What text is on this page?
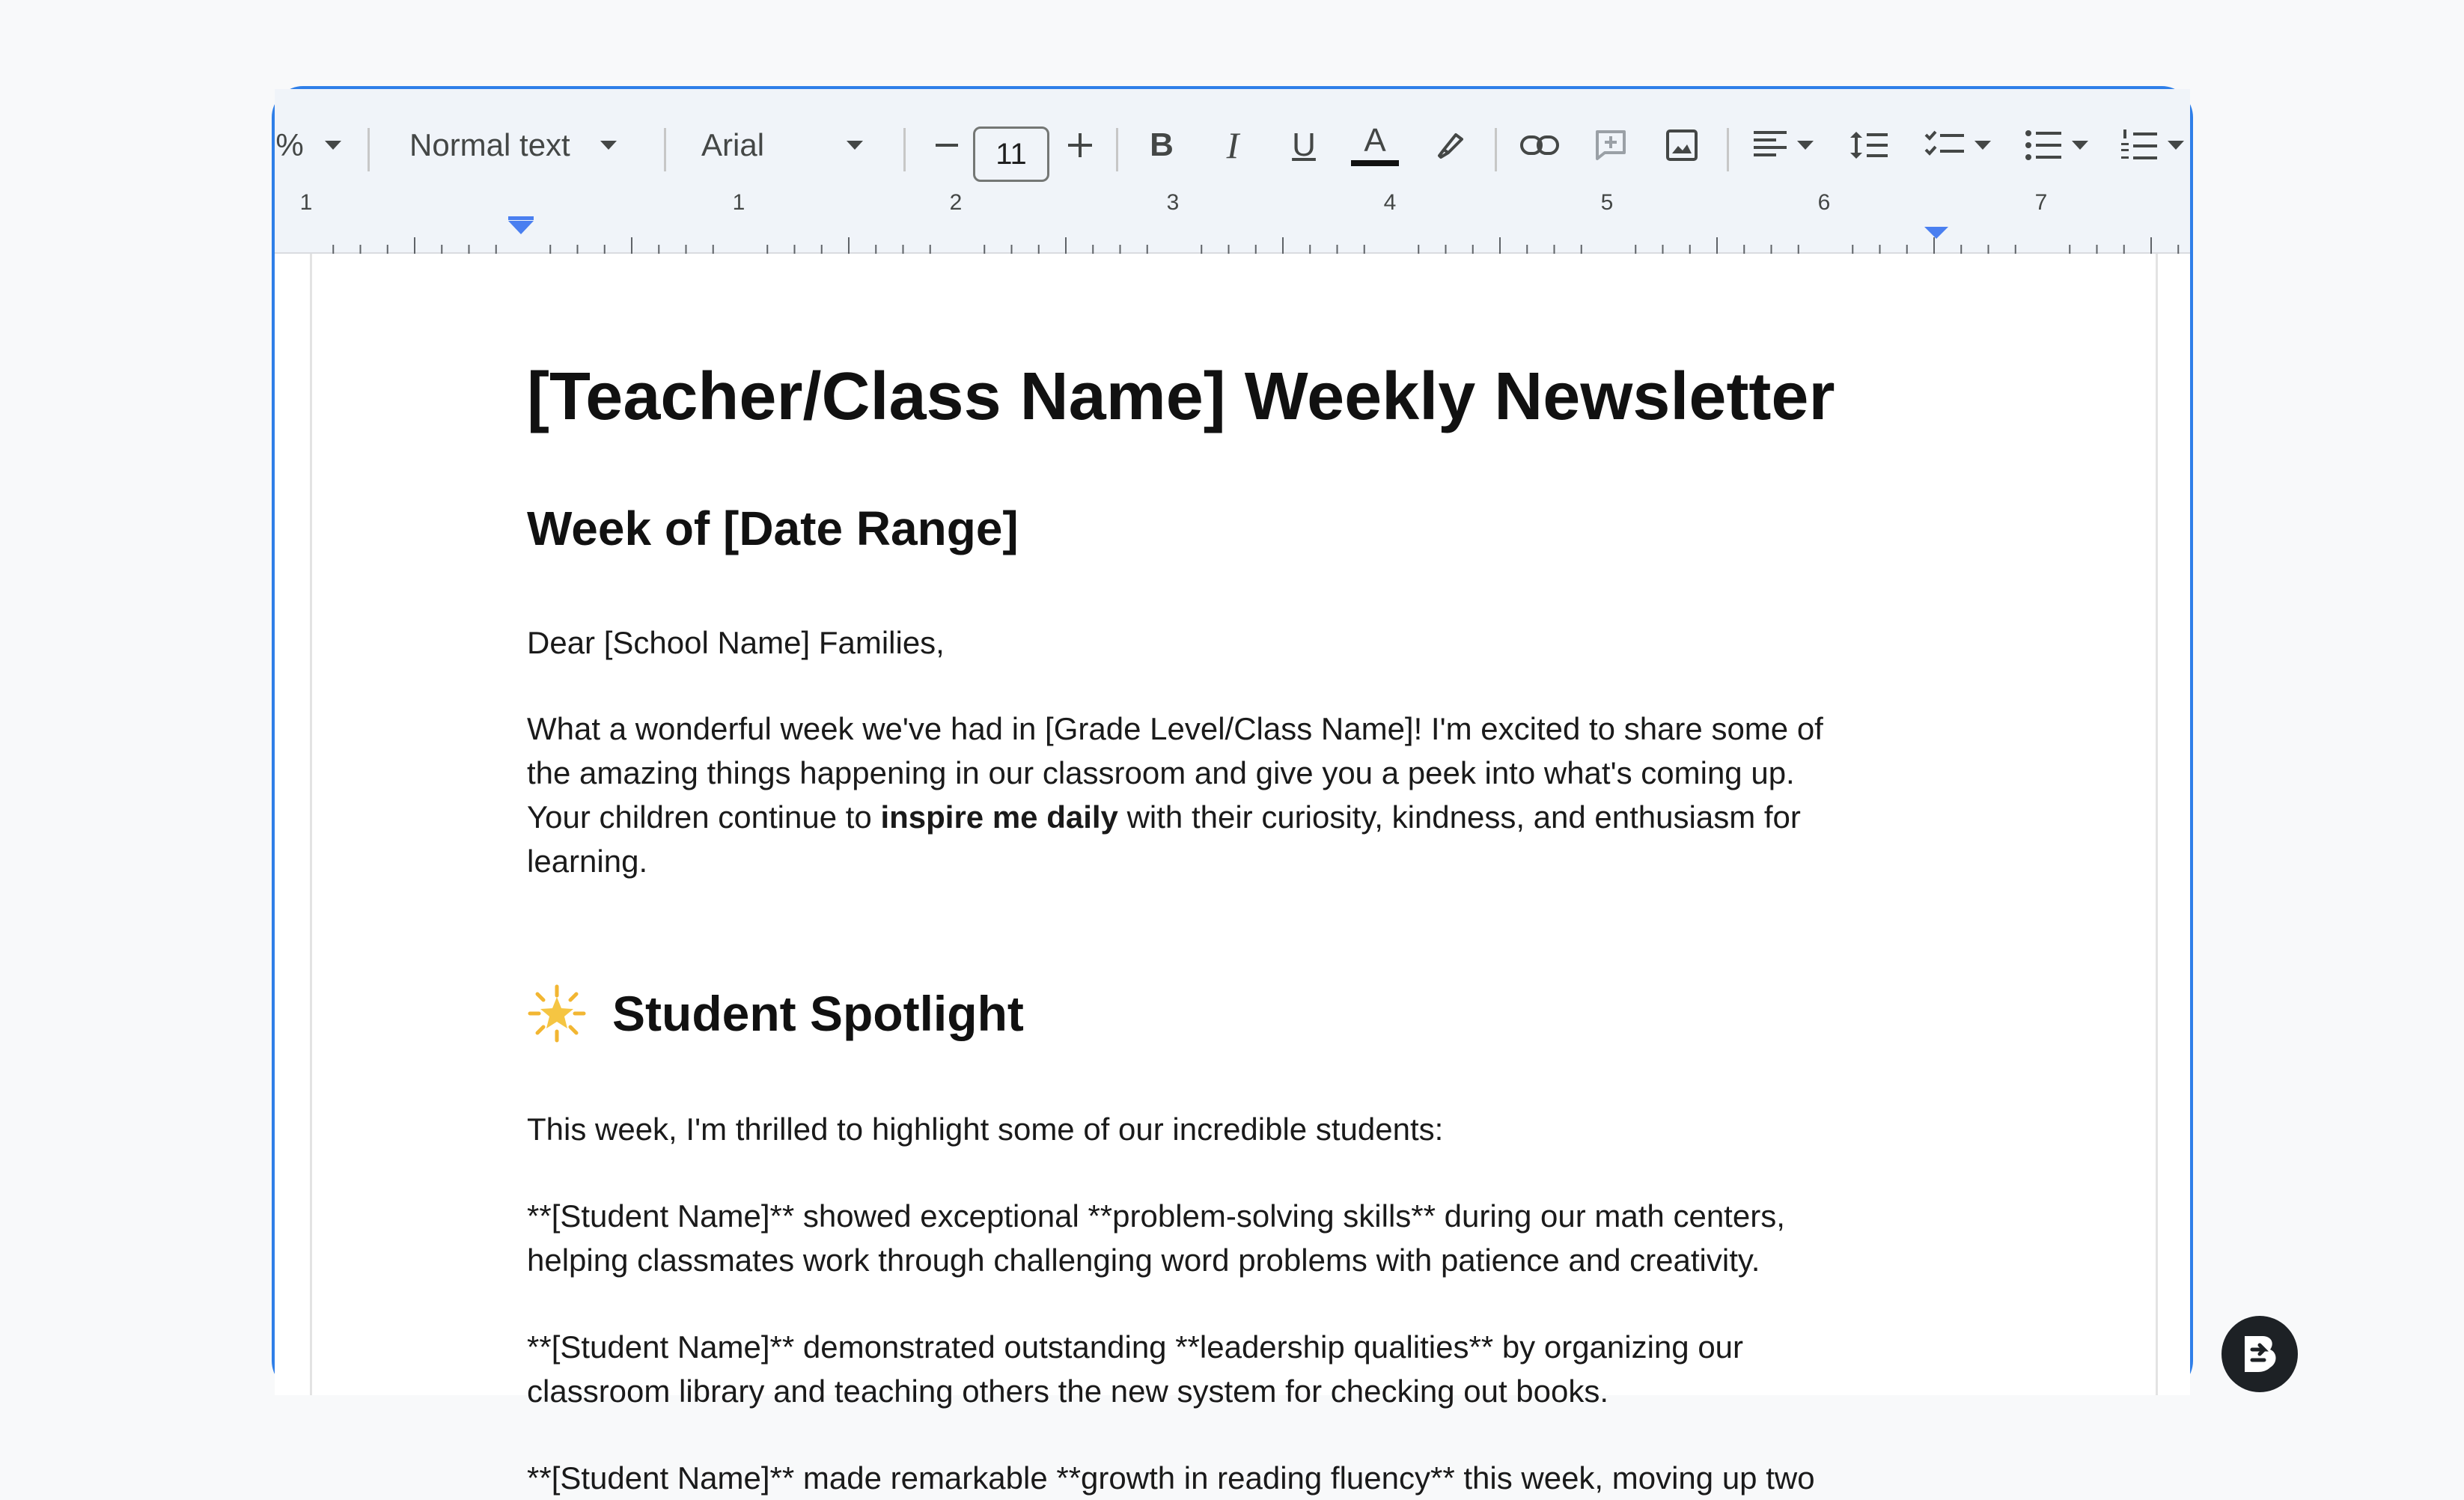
%	Normal text	Arial	11	B I U A
1	1	2	3	4	5	6	7
[Teacher/Class Name] Weekly Newsletter
Week of [Date Range]
Dear [School Name] Families,
What a wonderful week we've had in [Grade Level/Class Name]! I'm excited to share some of
the amazing things happening in our classroom and give you a peek into what's coming up.
Your children continue to inspire me daily with their curiosity, kindness, and enthusiasm for
learning.
Student Spotlight
This week, I'm thrilled to highlight some of our incredible students:
**[Student Name]** showed exceptional **problem-solving skills** during our math centers,
helping classmates work through challenging word problems with patience and creativity.
**[Student Name]** demonstrated outstanding **leadership qualities** by organizing our
classroom library and teaching others the new system for checking out books.
**[Student Name]** made remarkable **growth in reading fluency** this week, moving up two
